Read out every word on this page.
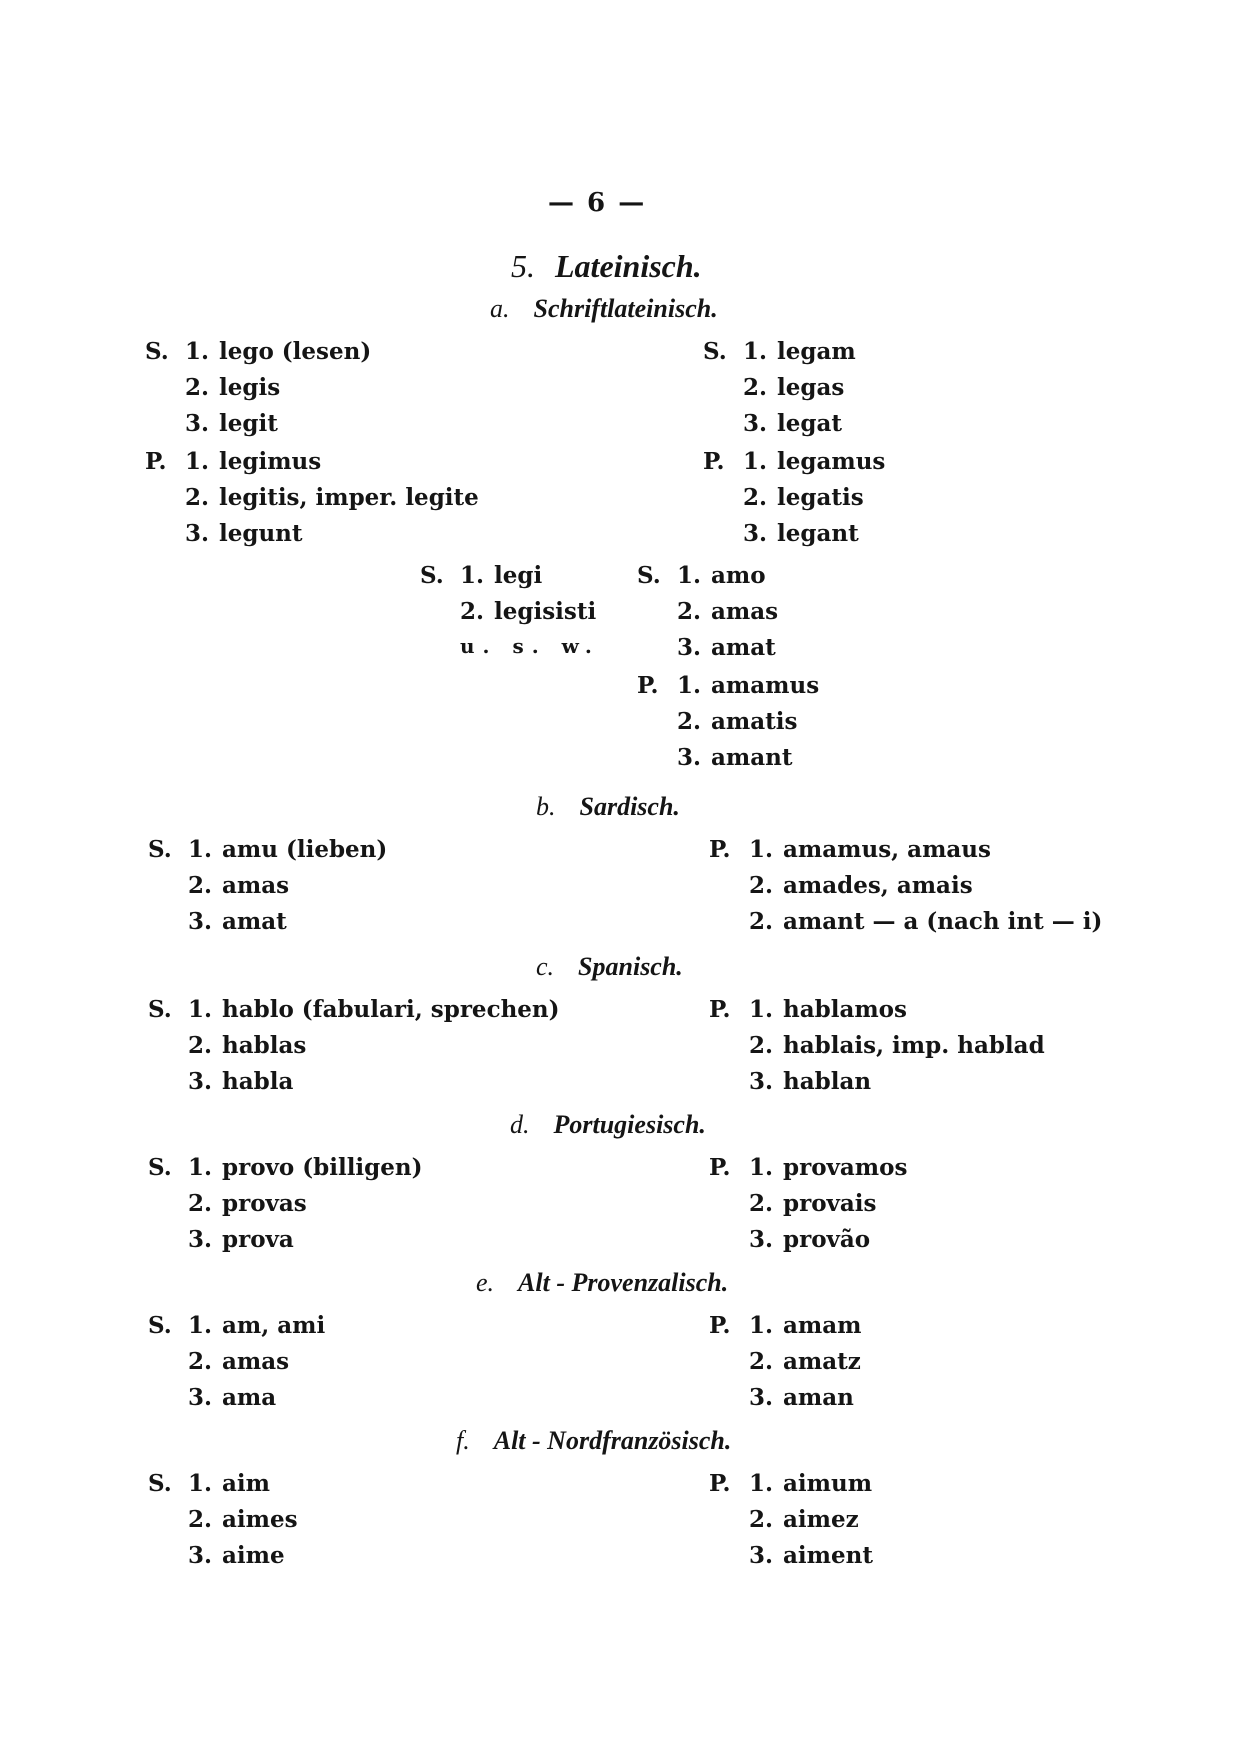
— 6 —
5. Lateinisch.
a. Schriftlateinisch.
S. 1. lego (lesen)
2. legis
3. legit
P. 1. legimus
2. legitis, imper. legite
3. legunt
S. 1. legam
2. legas
3. legat
P. 1. legamus
2. legatis
3. legant
S. 1. legi
2. legisisti
u. s. w.
S. 1. amo
2. amas
3. amat
P. 1. amamus
2. amatis
3. amant
b. Sardisch.
S. 1. amu (lieben)
2. amas
3. amat
P. 1. amamus, amaus
2. amades, amais
2. amant — a (nach int — i)
c. Spanisch.
S. 1. hablo (fabulari, sprechen)
2. hablas
3. habla
P. 1. hablamos
2. hablais, imp. hablad
3. hablan
d. Portugiesisch.
S. 1. provo (billigen)
2. provas
3. prova
P. 1. provamos
2. provais
3. provão
e. Alt - Provenzalisch.
S. 1. am, ami
2. amas
3. ama
P. 1. amam
2. amatz
3. aman
f. Alt - Nordfranzösisch.
S. 1. aim
2. aimes
3. aime
P. 1. aimum
2. aimez
3. aiment
